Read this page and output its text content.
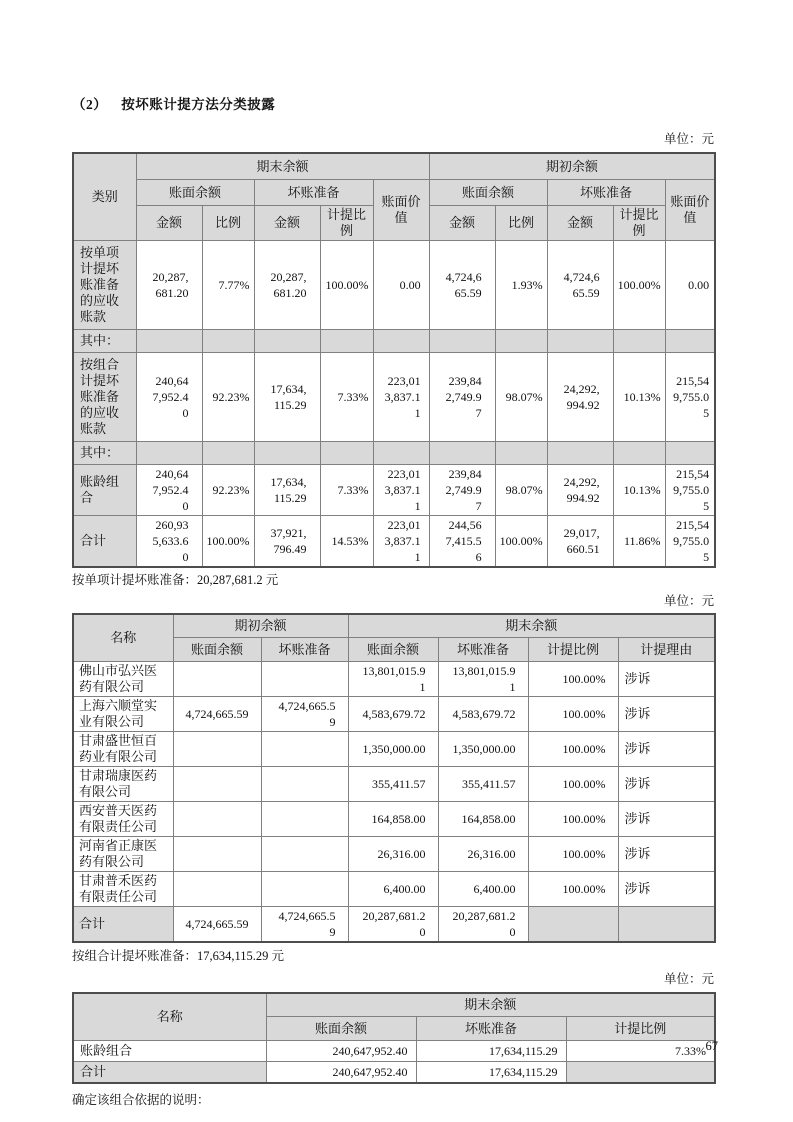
（2） 按坏账计提方法分类披露
单位：元
类别	期末余额					期初余额				
	账面余额		坏账准备		账面价值	账面余额		坏账准备		账面价值
	金额	比例	金额	计提比例		金额	比例	金额	计提比例	
按单项计提坏账准备的应收账款	20,287,681.20	7.77%	20,287,681.20	100.00%	0.00	4,724,665.59	1.93%	4,724,665.59	100.00%	0.00
其中：										
按组合计提坏账准备的应收账款	240,647,952.40	92.23%	17,634,115.29	7.33%	223,013,837.11	239,842,749.97	98.07%	24,292,994.92	10.13%	215,549,755.05
其中：										
账龄组合	240,647,952.40	92.23%	17,634,115.29	7.33%	223,013,837.11	239,842,749.97	98.07%	24,292,994.92	10.13%	215,549,755.05
合计	260,935,633.60	100.00%	37,921,796.49	14.53%	223,013,837.11	244,567,415.56	100.00%	29,017,660.51	11.86%	215,549,755.05
按单项计提坏账准备：20,287,681.2 元
单位：元
名称	期初余额		期末余额			
	账面余额	坏账准备	账面余额	坏账准备	计提比例	计提理由
佛山市弘兴医药有限公司			13,801,015.91	13,801,015.91	100.00%	涉诉
上海六顺堂实业有限公司	4,724,665.59	4,724,665.59	4,583,679.72	4,583,679.72	100.00%	涉诉
甘肃盛世恒百药业有限公司			1,350,000.00	1,350,000.00	100.00%	涉诉
甘肃瑞康医药有限公司			355,411.57	355,411.57	100.00%	涉诉
西安普天医药有限责任公司			164,858.00	164,858.00	100.00%	涉诉
河南省正康医药有限公司			26,316.00	26,316.00	100.00%	涉诉
甘肃普禾医药有限责任公司			6,400.00	6,400.00	100.00%	涉诉
合计	4,724,665.59	4,724,665.59	20,287,681.20	20,287,681.20		
按组合计提坏账准备：17,634,115.29 元
单位：元
名称	期末余额		
	账面余额	坏账准备	计提比例
账龄组合	240,647,952.40	17,634,115.29	7.33%
合计	240,647,952.40	17,634,115.29	
确定该组合依据的说明：
67
